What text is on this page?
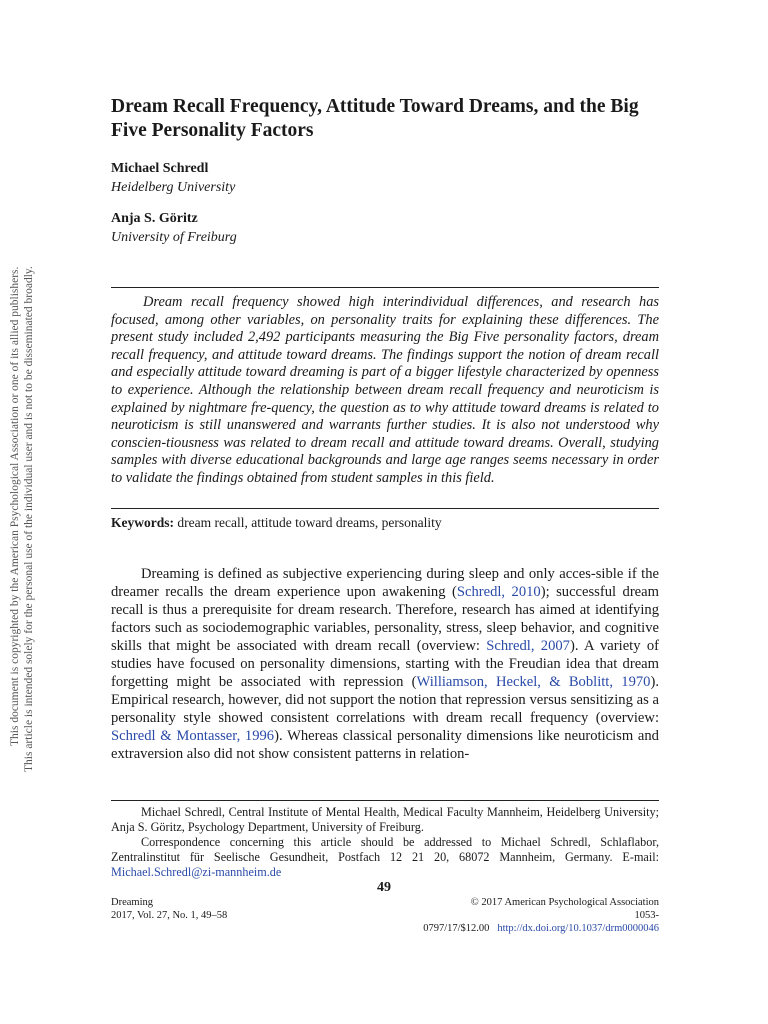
This document is copyrighted by the American Psychological Association or one of its allied publishers. This article is intended solely for the personal use of the individual user and is not to be disseminated broadly.
Dream Recall Frequency, Attitude Toward Dreams, and the Big Five Personality Factors
Michael Schredl
Heidelberg University
Anja S. Göritz
University of Freiburg

Dream recall frequency showed high interindividual differences, and research has focused, among other variables, on personality traits for explaining these differences. The present study included 2,492 participants measuring the Big Five personality factors, dream recall frequency, and attitude toward dreams. The findings support the notion of dream recall and especially attitude toward dreaming is part of a bigger lifestyle characterized by openness to experience. Although the relationship between dream recall frequency and neuroticism is explained by nightmare fre-quency, the question as to why attitude toward dreams is related to neuroticism is still unanswered and warrants further studies. It is also not understood why conscien-tiousness was related to dream recall and attitude toward dreams. Overall, studying samples with diverse educational backgrounds and large age ranges seems necessary in order to validate the findings obtained from student samples in this field.

Keywords: dream recall, attitude toward dreams, personality

Dreaming is defined as subjective experiencing during sleep and only acces-sible if the dreamer recalls the dream experience upon awakening (Schredl, 2010); successful dream recall is thus a prerequisite for dream research. Therefore, research has aimed at identifying factors such as sociodemographic variables, personality, stress, sleep behavior, and cognitive skills that might be associated with dream recall (overview: Schredl, 2007). A variety of studies have focused on personality dimensions, starting with the Freudian idea that dream forgetting might be associated with repression (Williamson, Heckel, & Boblitt, 1970). Empirical research, however, did not support the notion that repression versus sensitizing as a personality style showed consistent correlations with dream recall frequency (overview: Schredl & Montasser, 1996). Whereas classical personality dimensions like neuroticism and extraversion also did not show consistent patterns in relation-

Michael Schredl, Central Institute of Mental Health, Medical Faculty Mannheim, Heidelberg University; Anja S. Göritz, Psychology Department, University of Freiburg.

Correspondence concerning this article should be addressed to Michael Schredl, Schlaflabor, Zentralinstitut für Seelische Gesundheit, Postfach 12 21 20, 68072 Mannheim, Germany. E-mail: Michael.Schredl@zi-mannheim.de

49
Dreaming
2017, Vol. 27, No. 1, 49–58
© 2017 American Psychological Association
1053-0797/17/$12.00 http://dx.doi.org/10.1037/drm0000046
